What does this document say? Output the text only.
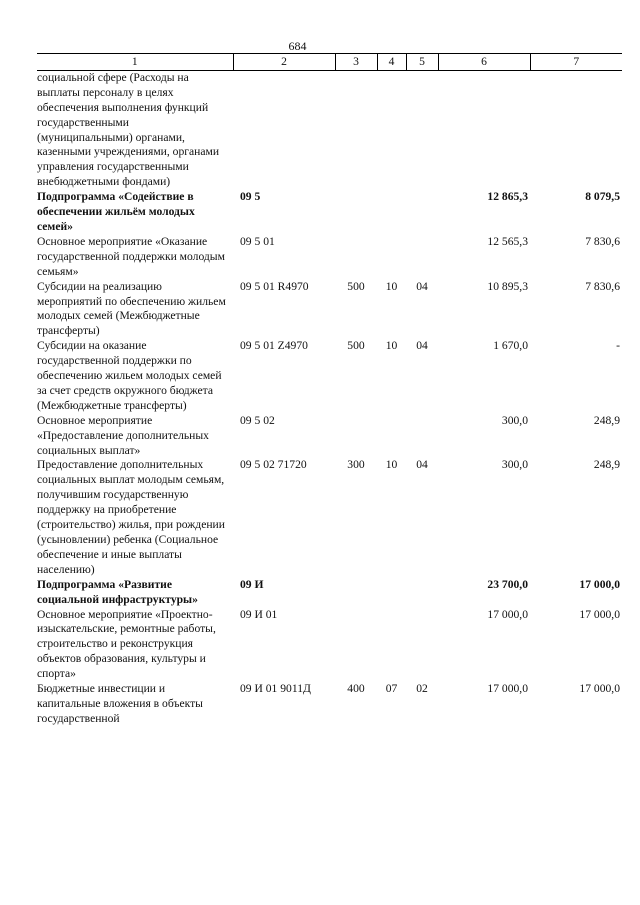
684
1	2	3	4	5	6	7
социальной сфере (Расходы на выплаты персоналу в целях обеспечения выполнения функций государственными (муниципальными) органами, казенными учреждениями, органами управления государственными внебюджетными фондами)						
Подпрограмма «Содействие в обеспечении жильём молодых семей»	09 5				12 865,3	8 079,5
Основное мероприятие «Оказание государственной поддержки молодым семьям»	09 5 01				12 565,3	7 830,6
Субсидии на реализацию мероприятий по обеспечению жильем молодых семей (Межбюджетные трансферты)	09 5 01 R4970	500	10	04	10 895,3	7 830,6
Субсидии на оказание государственной поддержки по обеспечению жильем молодых семей за счет средств окружного бюджета (Межбюджетные трансферты)	09 5 01 Z4970	500	10	04	1 670,0	-
Основное мероприятие «Предоставление дополнительных социальных выплат»	09 5 02				300,0	248,9
Предоставление дополнительных социальных выплат молодым семьям, получившим государственную поддержку на приобретение (строительство) жилья, при рождении (усыновлении) ребенка (Социальное обеспечение и иные выплаты населению)	09 5 02 71720	300	10	04	300,0	248,9
Подпрограмма «Развитие социальной инфраструктуры»	09 И				23 700,0	17 000,0
Основное мероприятие «Проектно-изыскательские, ремонтные работы, строительство и реконструкция объектов образования, культуры и спорта»	09 И 01				17 000,0	17 000,0
Бюджетные инвестиции и капитальные вложения в объекты государственной	09 И 01 9011Д	400	07	02	17 000,0	17 000,0
